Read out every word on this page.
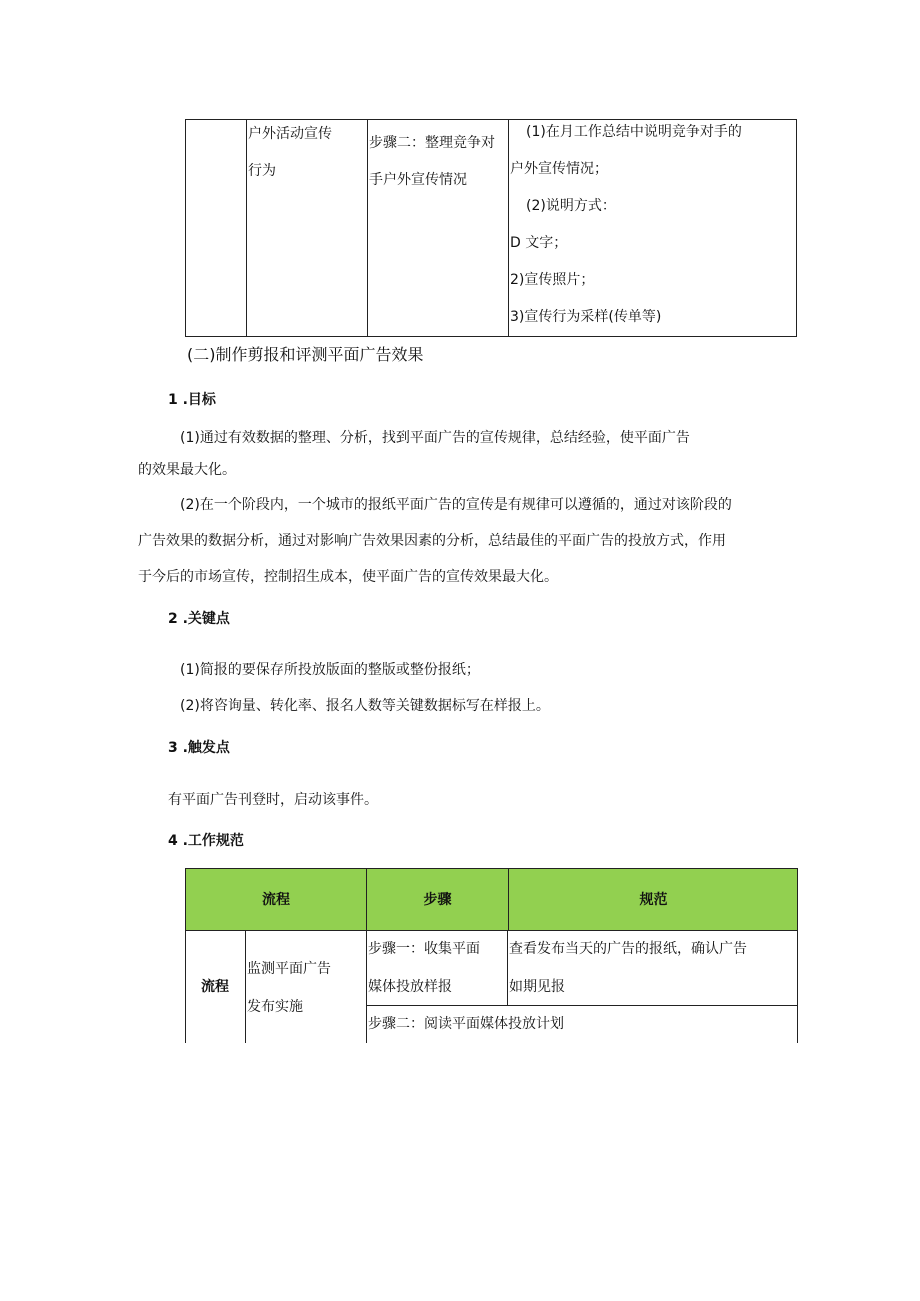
户外活动宣传
行为
步骤二：整理竞争对
手户外宣传情况
(1)在月工作总结中说明竞争对手的
户外宣传情况；
(2)说明方式：
D 文字；
2)宣传照片；
3)宣传行为采样(传单等)
(二)制作剪报和评测平面广告效果
1 .目标
(1)通过有效数据的整理、分析，找到平面广告的宣传规律，总结经验，使平面广告
的效果最大化。
(2)在一个阶段内，一个城市的报纸平面广告的宣传是有规律可以遵循的，通过对该阶段的
广告效果的数据分析，通过对影响广告效果因素的分析，总结最佳的平面广告的投放方式，作用
于今后的市场宣传，控制招生成本，使平面广告的宣传效果最大化。
2 .关键点
(1)简报的要保存所投放版面的整版或整份报纸；
(2)将咨询量、转化率、报名人数等关键数据标写在样报上。
3 .触发点
有平面广告刊登时，启动该事件。
4 .工作规范
流程	步骤	规范
流程
监测平面广告
发布实施
步骤一：收集平面
媒体投放样报
查看发布当天的广告的报纸，确认广告
如期见报
步骤二：阅读平面媒体投放计划
